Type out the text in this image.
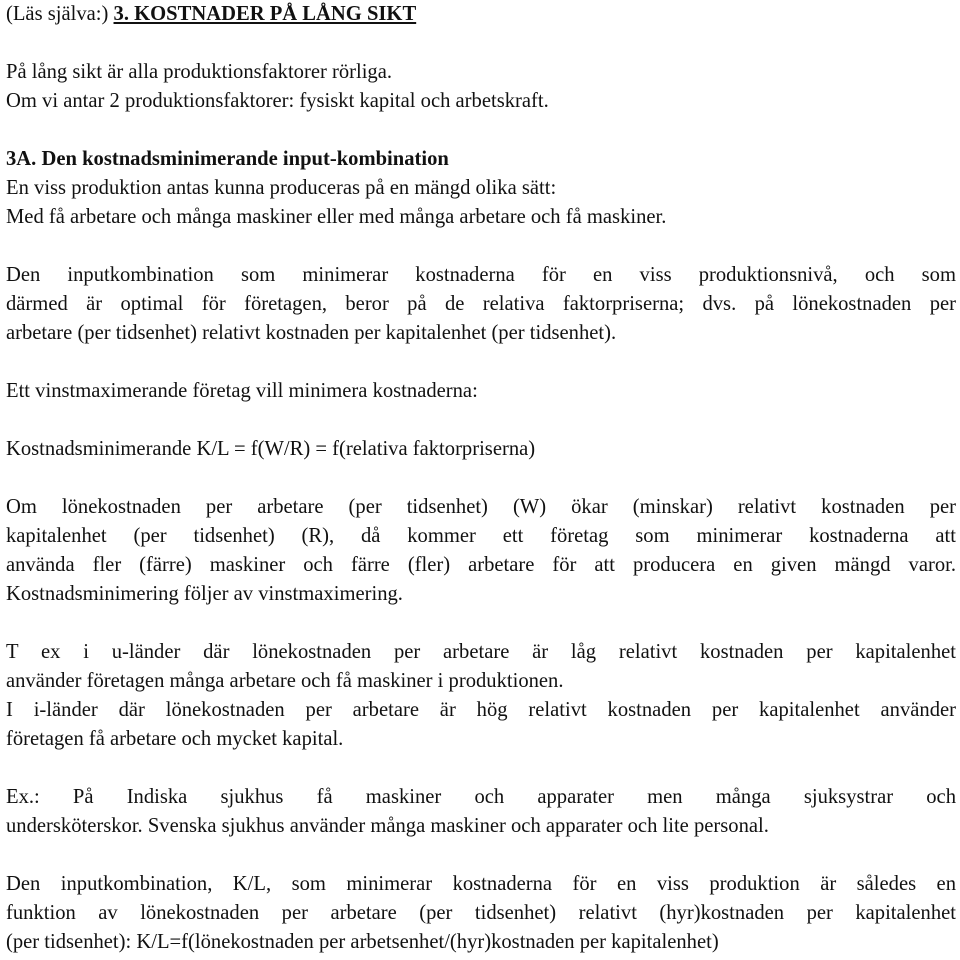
(Läs själva:) 3. KOSTNADER PÅ LÅNG SIKT
På lång sikt är alla produktionsfaktorer rörliga.
Om vi antar 2 produktionsfaktorer: fysiskt kapital och arbetskraft.
3A. Den kostnadsminimerande input-kombination
En viss produktion antas kunna produceras på en mängd olika sätt:
Med få arbetare och många maskiner eller med många arbetare och få maskiner.
Den inputkombination som minimerar kostnaderna för en viss produktionsnivå, och som
därmed är optimal för företagen, beror på de relativa faktorpriserna; dvs. på lönekostnaden per
arbetare (per tidsenhet) relativt kostnaden per kapitalenhet (per tidsenhet).
Ett vinstmaximerande företag vill minimera kostnaderna:
Kostnadsminimerande K/L = f(W/R) = f(relativa faktorpriserna)
Om lönekostnaden per arbetare (per tidsenhet) (W) ökar (minskar) relativt kostnaden per
kapitalenhet (per tidsenhet) (R), då kommer ett företag som minimerar kostnaderna att
använda fler (färre) maskiner och färre (fler) arbetare för att producera en given mängd varor.
Kostnadsminimering följer av vinstmaximering.
T ex i u-länder där lönekostnaden per arbetare är låg relativt kostnaden per kapitalenhet
använder företagen många arbetare och få maskiner i produktionen.
I i-länder där lönekostnaden per arbetare är hög relativt kostnaden per kapitalenhet använder
företagen få arbetare och mycket kapital.
Ex.: På Indiska sjukhus få maskiner och apparater men många sjuksystrar och
undersköterskor. Svenska sjukhus använder många maskiner och apparater och lite personal.
Den inputkombination, K/L, som minimerar kostnaderna för en viss produktion är således en
funktion av lönekostnaden per arbetare (per tidsenhet) relativt (hyr)kostnaden per kapitalenhet
(per tidsenhet): K/L=f(lönekostnaden per arbetsenhet/(hyr)kostnaden per kapitalenhet)
